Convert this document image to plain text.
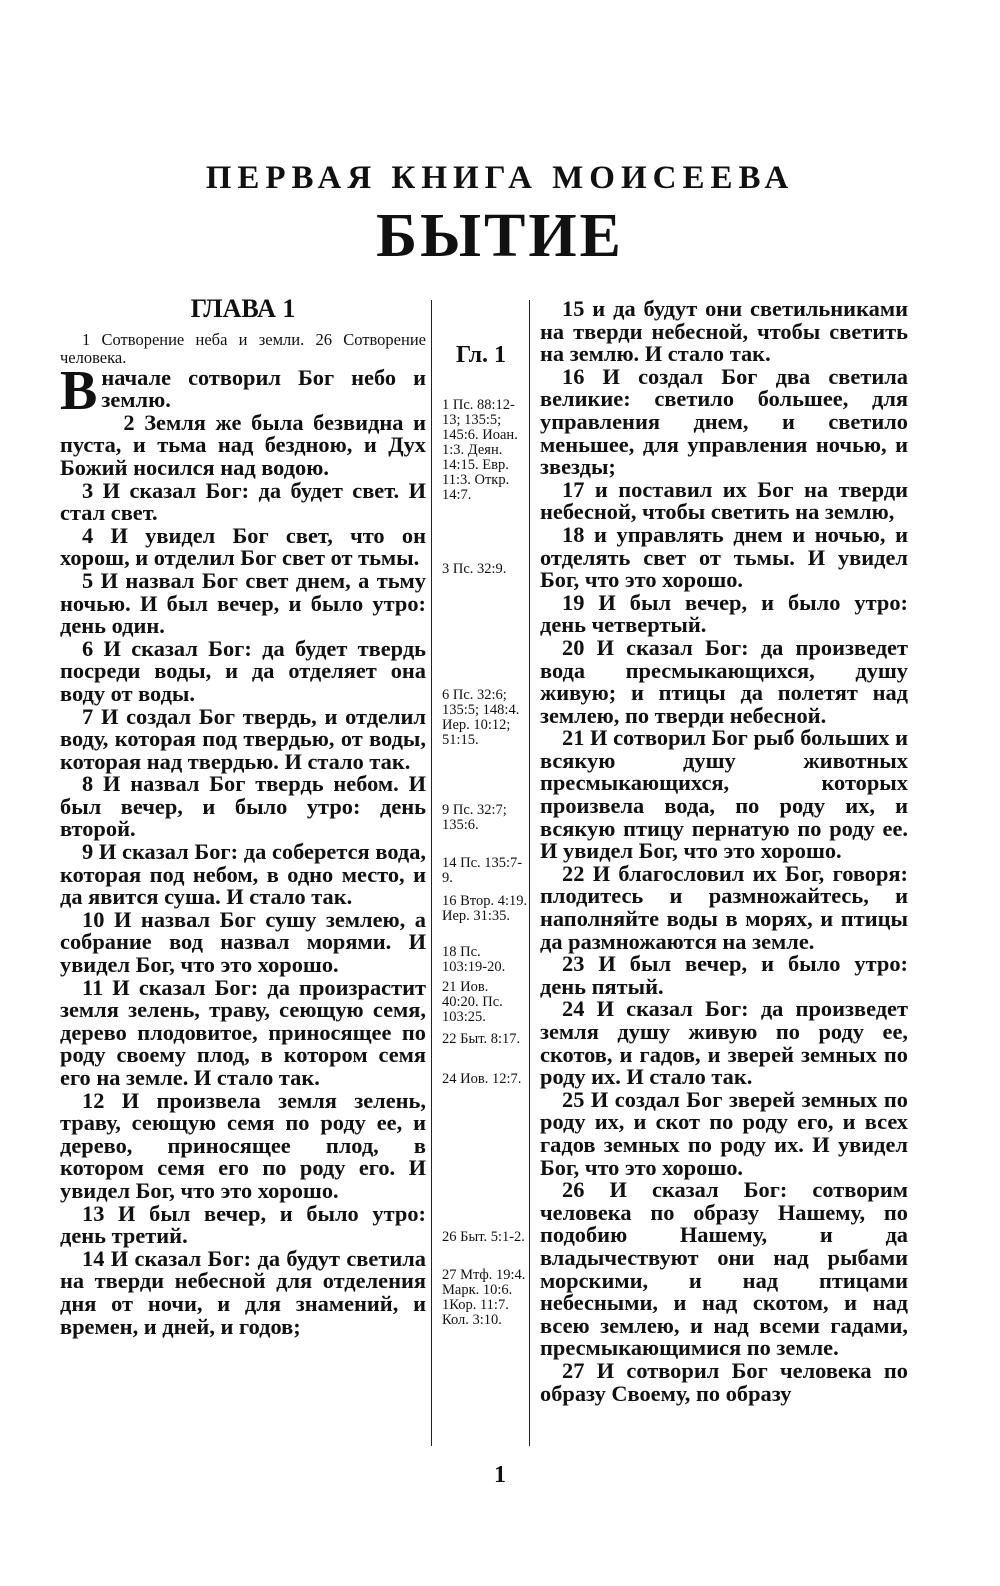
ПЕРВАЯ КНИГА МОИСЕЕВА

БЫТИЕ

ГЛАВА 1

1 Сотворение неба и земли. 26 Сотворение человека.

Вначале сотворил Бог небо и землю.

2 Земля же была безвидна и пуста, и тьма над бездною, и Дух Божий носился над водою.

3 И сказал Бог: да будет свет. И стал свет.

4 И увидел Бог свет, что он хорош, и отделил Бог свет от тьмы.

5 И назвал Бог свет днем, а тьму ночью. И был вечер, и было утро: день один.

6 И сказал Бог: да будет твердь посреди воды, и да отделяет она воду от воды.

7 И создал Бог твердь, и отделил воду, которая под твердью, от воды, которая над твердью. И стало так.

8 И назвал Бог твердь небом. И был вечер, и было утро: день второй.

9 И сказал Бог: да соберется вода, которая под небом, в одно место, и да явится суша. И стало так.

10 И назвал Бог сушу землею, а собрание вод назвал морями. И увидел Бог, что это хорошо.

11 И сказал Бог: да произрастит земля зелень, траву, сеющую семя, дерево плодовитое, приносящее по роду своему плод, в котором семя его на земле. И стало так.

12 И произвела земля зелень, траву, сеющую семя по роду ее, и дерево, приносящее плод, в котором семя его по роду его. И увидел Бог, что это хорошо.

13 И был вечер, и было утро: день третий.

14 И сказал Бог: да будут светила на тверди небесной для отделения дня от ночи, и для знамений, и времен, и дней, и годов;

Гл. 1
1 Пс. 88:12-13; 135:5; 145:6. Иоан. 1:3. Деян. 14:15. Евр. 11:3. Откр. 14:7.
3 Пс. 32:9.
6 Пс. 32:6; 135:5; 148:4. Иер. 10:12; 51:15.
9 Пс. 32:7; 135:6.
14 Пс. 135:7-9.
16 Втор. 4:19. Иер. 31:35.
18 Пс. 103:19-20.
21 Иов. 40:20. Пс. 103:25.
22 Быт. 8:17.
24 Иов. 12:7.
26 Быт. 5:1-2.
27 Мтф. 19:4. Марк. 10:6. 1Кор. 11:7. Кол. 3:10.

15 и да будут они светильниками на тверди небесной, чтобы светить на землю. И стало так.

16 И создал Бог два светила великие: светило большее, для управления днем, и светило меньшее, для управления ночью, и звезды;

17 и поставил их Бог на тверди небесной, чтобы светить на землю,

18 и управлять днем и ночью, и отделять свет от тьмы. И увидел Бог, что это хорошо.

19 И был вечер, и было утро: день четвертый.

20 И сказал Бог: да произведет вода пресмыкающихся, душу живую; и птицы да полетят над землею, по тверди небесной.

21 И сотворил Бог рыб больших и всякую душу животных пресмыкающихся, которых произвела вода, по роду их, и всякую птицу пернатую по роду ее. И увидел Бог, что это хорошо.

22 И благословил их Бог, говоря: плодитесь и размножайтесь, и наполняйте воды в морях, и птицы да размножаются на земле.

23 И был вечер, и было утро: день пятый.

24 И сказал Бог: да произведет земля душу живую по роду ее, скотов, и гадов, и зверей земных по роду их. И стало так.

25 И создал Бог зверей земных по роду их, и скот по роду его, и всех гадов земных по роду их. И увидел Бог, что это хорошо.

26 И сказал Бог: сотворим человека по образу Нашему, по подобию Нашему, и да владычествуют они над рыбами морскими, и над птицами небесными, и над скотом, и над всею землею, и над всеми гадами, пресмыкающимися по земле.

27 И сотворил Бог человека по образу Своему, по образу

1
